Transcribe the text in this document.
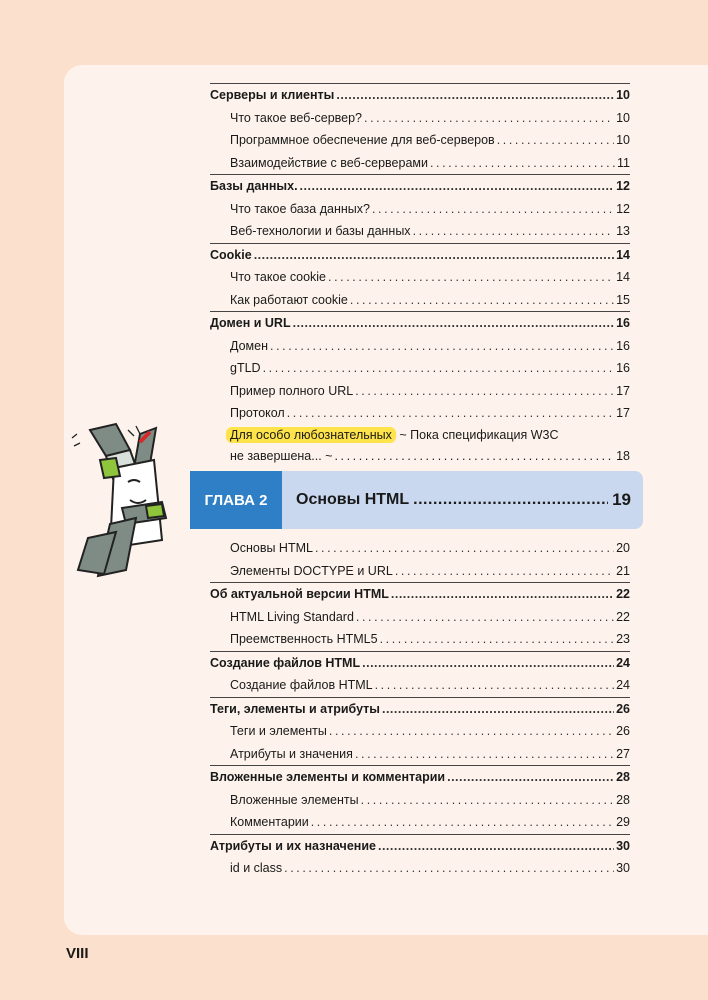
Серверы и клиенты .....	10
Что такое веб-сервер? .....	10
Программное обеспечение для веб-серверов .....	10
Взаимодействие с веб-серверами .....	11
Базы данных. .....	12
Что такое база данных? .....	12
Веб-технологии и базы данных .....	13
Cookie .....	14
Что такое cookie .....	14
Как работают cookie .....	15
Домен и URL .....	16
Домен .....	16
gTLD .....	16
Пример полного URL .....	17
Протокол .....	17
Для особо любознательных ~ Пока спецификация W3C
не завершена... ~ .....	18
ГЛАВА 2	Основы HTML .....	19
Основы HTML .....	20
Элементы DOCTYPE и URL .....	21
Об актуальной версии HTML .....	22
HTML Living Standard .....	22
Преемственность HTML5 .....	23
Создание файлов HTML .....	24
Создание файлов HTML .....	24
Теги, элементы и атрибуты .....	26
Теги и элементы .....	26
Атрибуты и значения .....	27
Вложенные элементы и комментарии .....	28
Вложенные элементы .....	28
Комментарии .....	29
Атрибуты и их назначение .....	30
id и class .....	30
VIII
